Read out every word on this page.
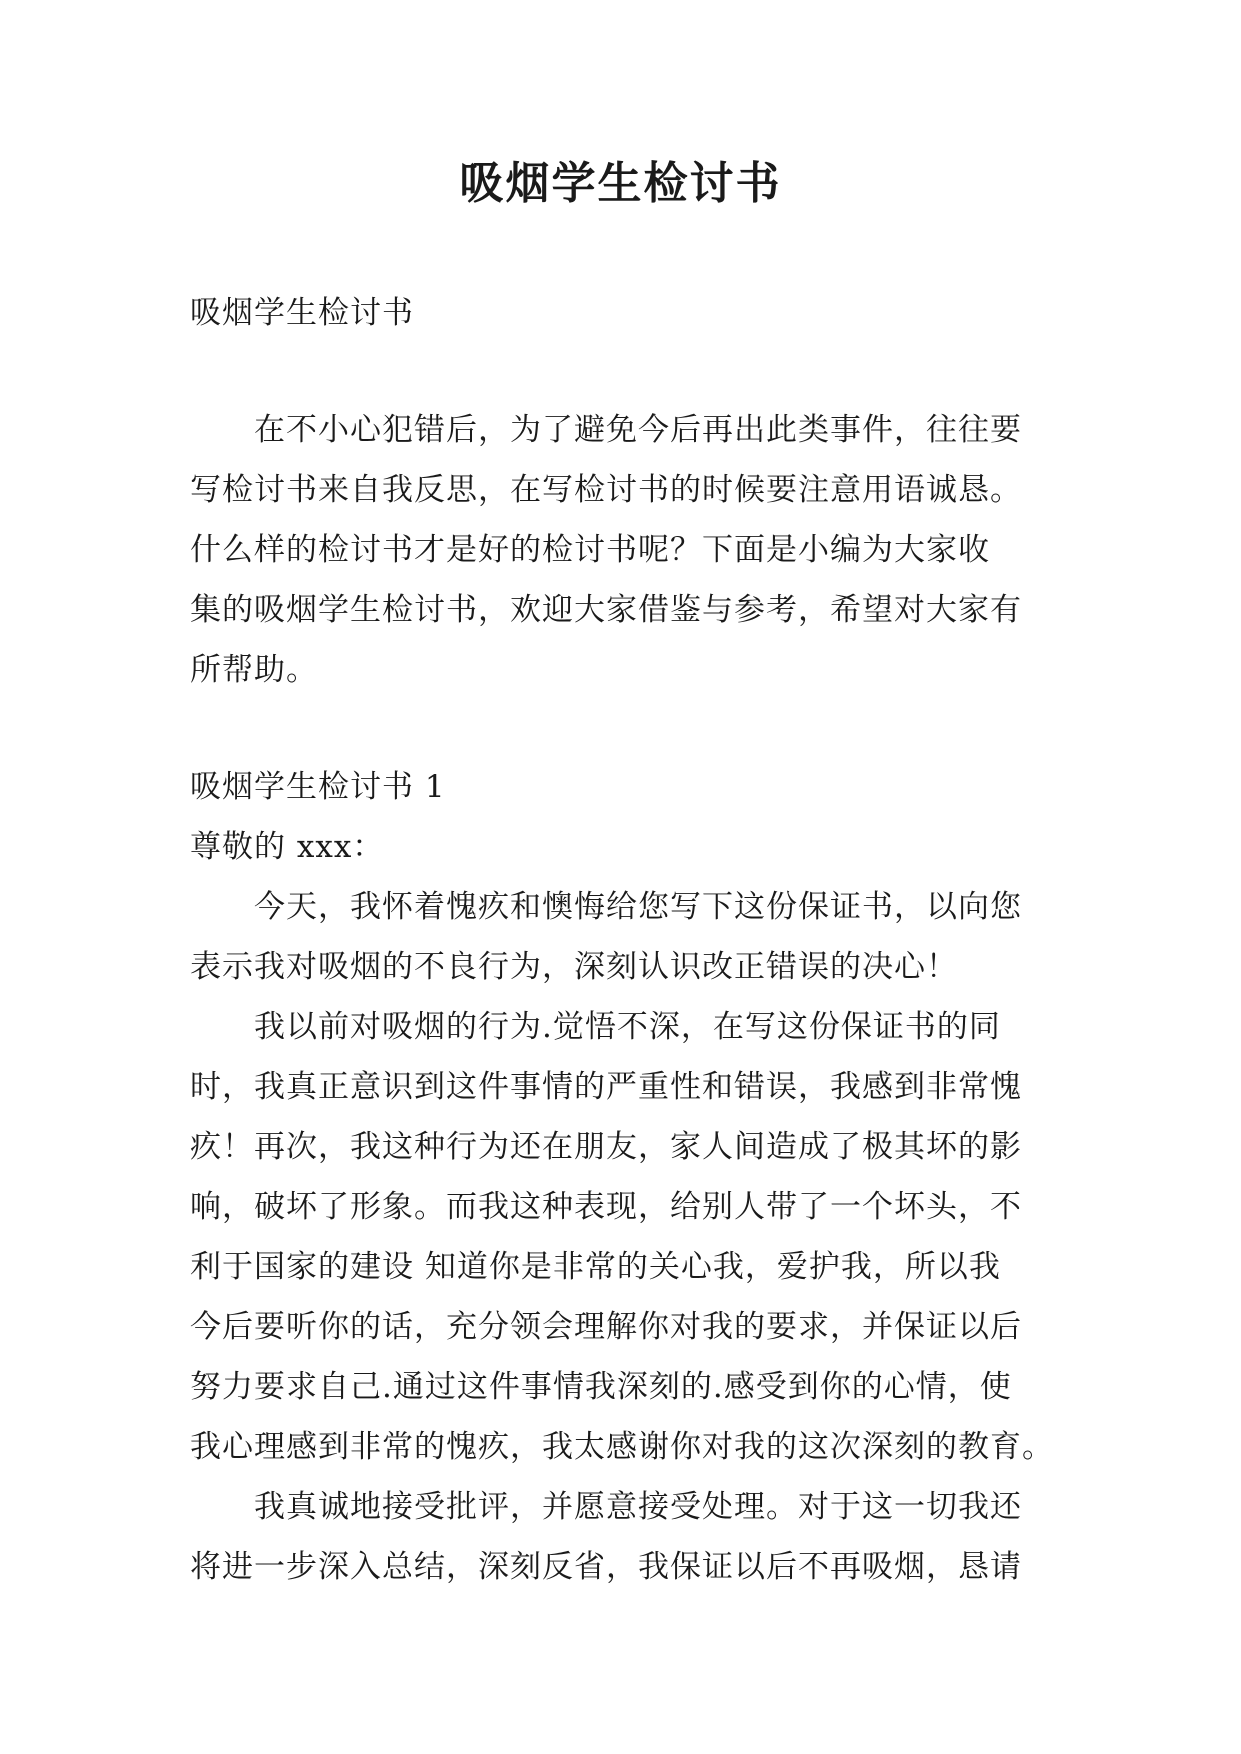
吸烟学生检讨书

吸烟学生检讨书

在不小心犯错后，为了避免今后再出此类事件，往往要

写检讨书来自我反思，在写检讨书的时候要注意用语诚恳。

什么样的检讨书才是好的检讨书呢？下面是小编为大家收

集的吸烟学生检讨书，欢迎大家借鉴与参考，希望对大家有

所帮助。

吸烟学生检讨书 1

尊敬的 xxx：

今天，我怀着愧疚和懊悔给您写下这份保证书，以向您

表示我对吸烟的不良行为，深刻认识改正错误的决心！

我以前对吸烟的行为.觉悟不深，在写这份保证书的同

时，我真正意识到这件事情的严重性和错误，我感到非常愧

疚！再次，我这种行为还在朋友，家人间造成了极其坏的影

响，破坏了形象。而我这种表现，给别人带了一个坏头，不

利于国家的建设 知道你是非常的关心我，爱护我，所以我

今后要听你的话，充分领会理解你对我的要求，并保证以后

努力要求自己.通过这件事情我深刻的.感受到你的心情，使

我心理感到非常的愧疚，我太感谢你对我的这次深刻的教育。

我真诚地接受批评，并愿意接受处理。对于这一切我还

将进一步深入总结，深刻反省，我保证以后不再吸烟，恳请
